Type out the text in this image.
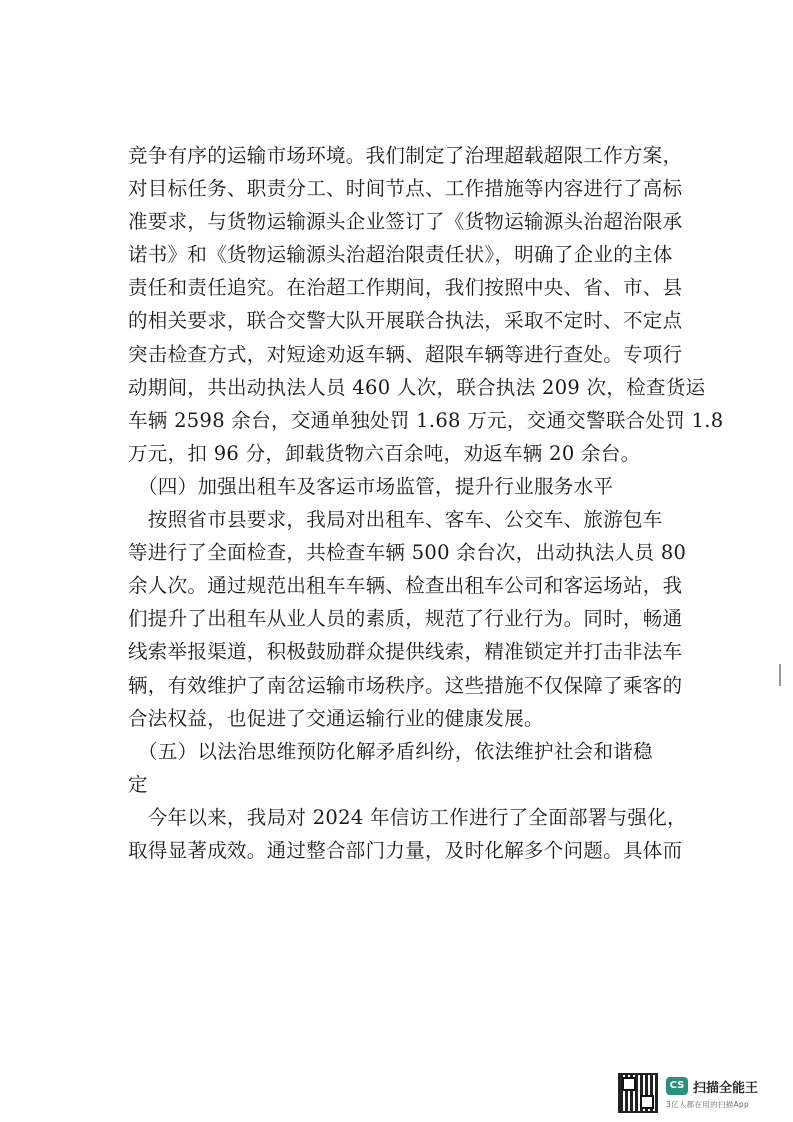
竞争有序的运输市场环境。我们制定了治理超载超限工作方案，
对目标任务、职责分工、时间节点、工作措施等内容进行了高标
准要求，与货物运输源头企业签订了《货物运输源头治超治限承
诺书》和《货物运输源头治超治限责任状》，明确了企业的主体
责任和责任追究。在治超工作期间，我们按照中央、省、市、县
的相关要求，联合交警大队开展联合执法，采取不定时、不定点
突击检查方式，对短途劝返车辆、超限车辆等进行查处。专项行
动期间，共出动执法人员 460 人次，联合执法 209 次，检查货运
车辆 2598 余台，交通单独处罚 1.68 万元，交通交警联合处罚 1.8
万元，扣 96 分，卸载货物六百余吨，劝返车辆 20 余台。
　（四）加强出租车及客运市场监管，提升行业服务水平
　按照省市县要求，我局对出租车、客车、公交车、旅游包车
等进行了全面检查，共检查车辆 500 余台次，出动执法人员 80
余人次。通过规范出租车车辆、检查出租车公司和客运场站，我
们提升了出租车从业人员的素质，规范了行业行为。同时，畅通
线索举报渠道，积极鼓励群众提供线索，精准锁定并打击非法车
辆，有效维护了南岔运输市场秩序。这些措施不仅保障了乘客的
合法权益，也促进了交通运输行业的健康发展。
　（五）以法治思维预防化解矛盾纠纷，依法维护社会和谐稳
定
　今年以来，我局对 2024 年信访工作进行了全面部署与强化，
取得显著成效。通过整合部门力量，及时化解多个问题。具体而
CS 扫描全能王
3亿人都在用的扫描App
